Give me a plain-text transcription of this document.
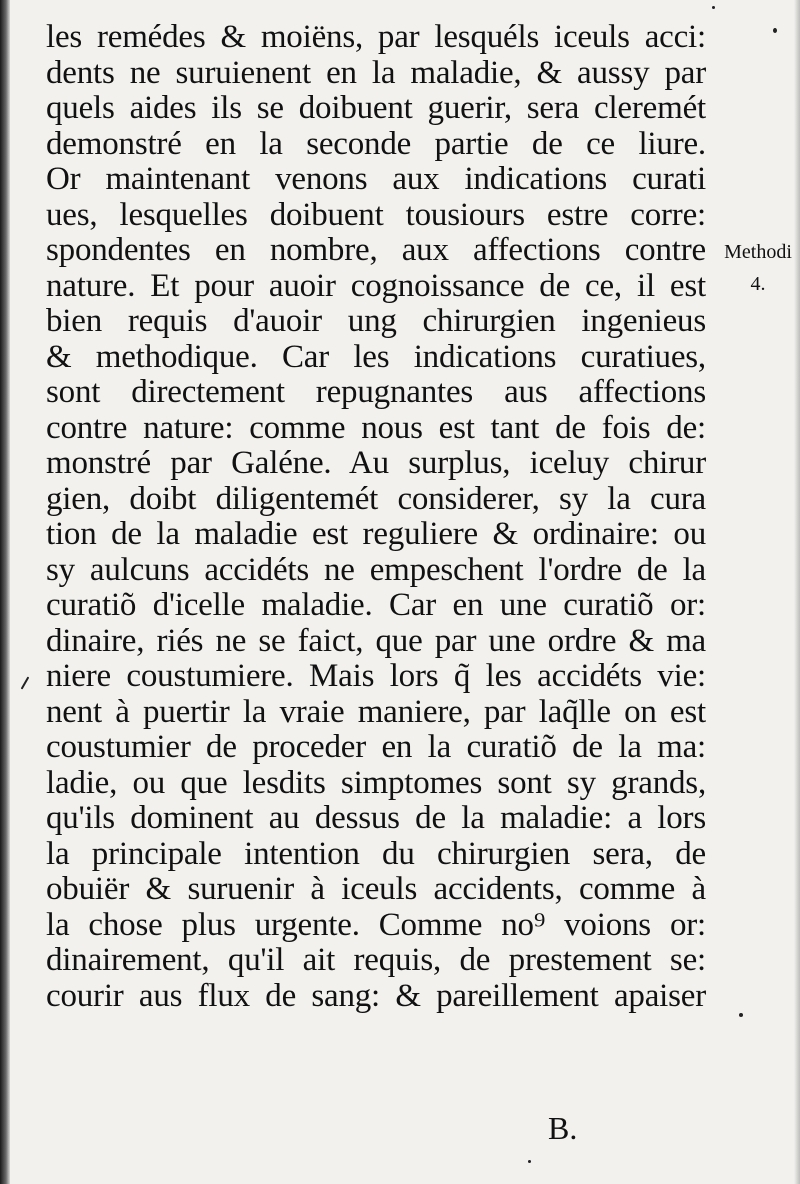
les remédes & moiëns, par lesquéls iceuls acci:
dents ne suruienent en la maladie, & aussy par
quels aides ils se doibuent guerir, sera cleremét
demonstré en la seconde partie de ce liure.
Or maintenant venons aux indications curati
ues, lesquelles doibuent tousiours estre corre:
spondentes en nombre, aux affections contre
nature. Et pour auoir cognoissance de ce, il est
bien requis d'auoir ung chirurgien ingenieus
& methodique. Car les indications curatiues,
sont directement repugnantes aus affections
contre nature: comme nous est tant de fois de:
monstré par Galéne. Au surplus, iceluy chirur
gien, doibt diligentemét considerer, sy la cura
tion de la maladie est reguliere & ordinaire: ou
sy aulcuns accidéts ne empeschent l'ordre de la
curatiõ d'icelle maladie. Car en une curatiõ or:
dinaire, riés ne se faict, que par une ordre & ma
niere coustumiere. Mais lors q̃ les accidéts vie:
nent à puertir la vraie maniere, par laq̃lle on est
coustumier de proceder en la curatiõ de la ma:
ladie, ou que lesdits simptomes sont sy grands,
qu'ils dominent au dessus de la maladie: a lors
la principale intention du chirurgien sera, de
obuiër & suruenir à iceuls accidents, comme à
la chose plus urgente. Comme no⁹ voions or:
dinairement, qu'il ait requis, de prestement se:
courir aus flux de sang: & pareillement apaiser
Methodi
4.
B.
